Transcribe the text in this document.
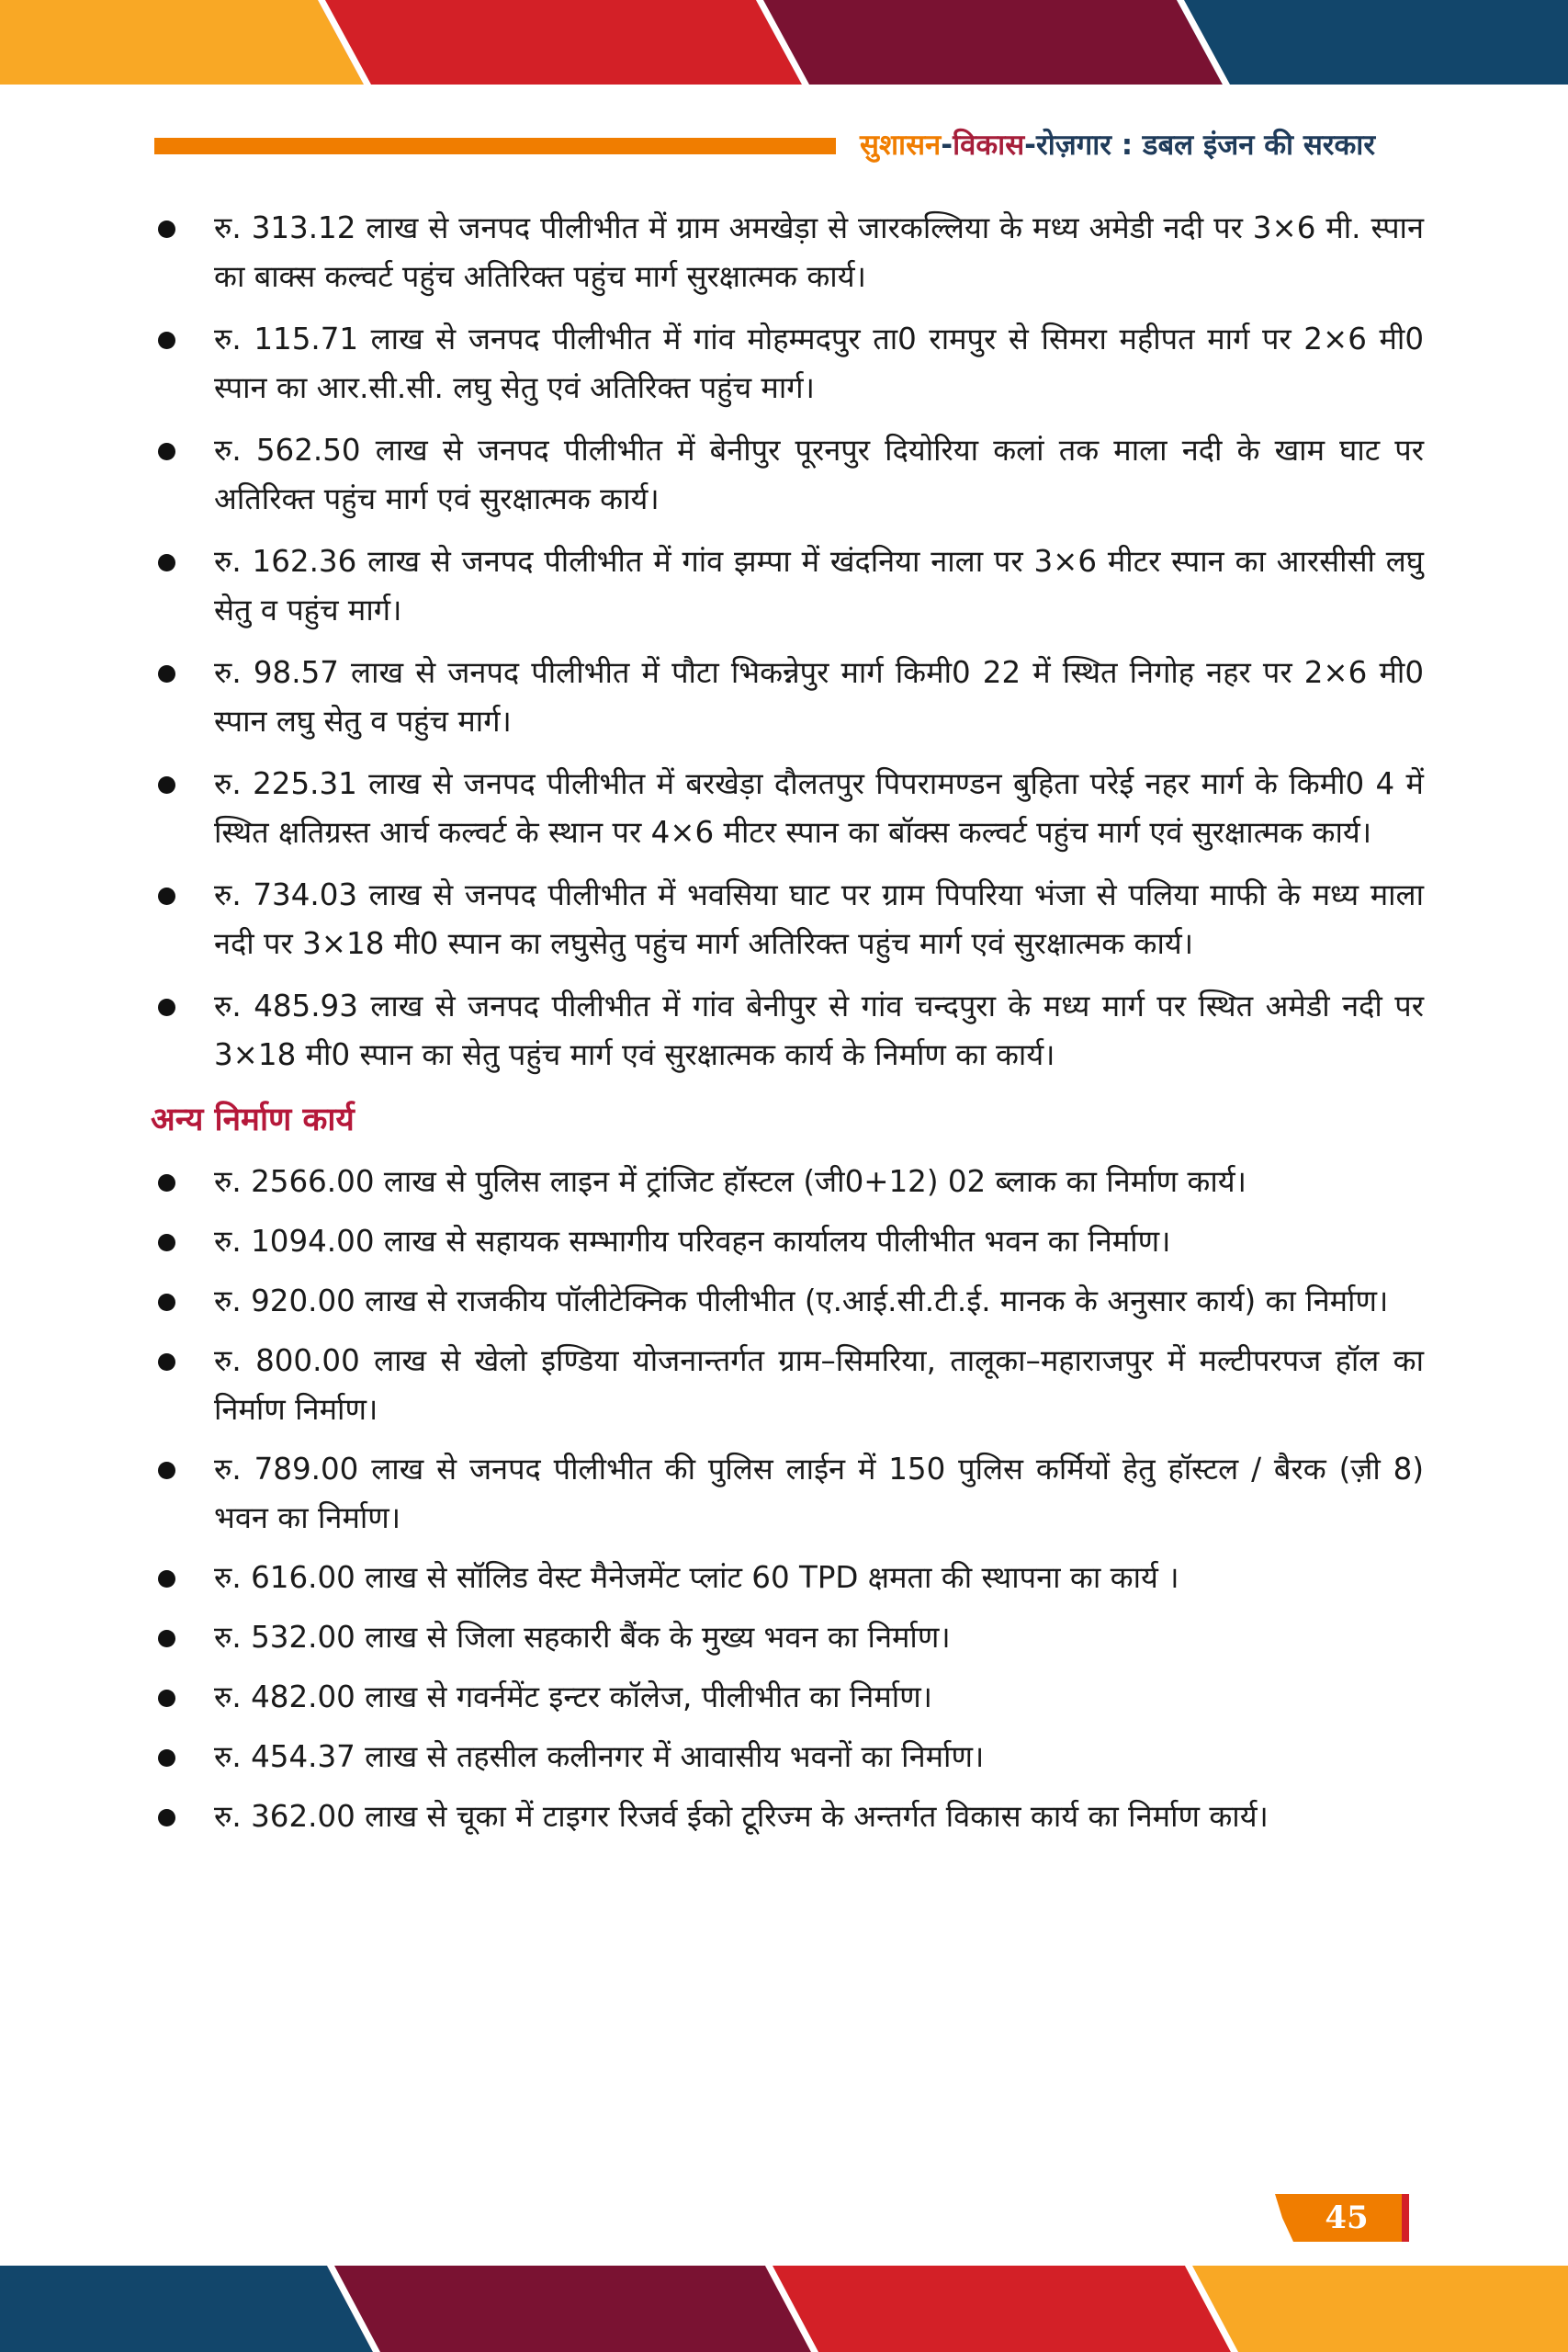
सुशासन-विकास-रोज़गार : डबल इंजन की सरकार
रु. 313.12 लाख से जनपद पीलीभीत में ग्राम अमखेड़ा से जारकल्लिया के मध्य अमेडी नदी पर 3×6 मी. स्पान का बाक्स कल्वर्ट पहुंच अतिरिक्त पहुंच मार्ग सुरक्षात्मक कार्य।
रु. 115.71 लाख से जनपद पीलीभीत में गांव मोहम्मदपुर ता0 रामपुर से सिमरा महीपत मार्ग पर 2×6 मी0 स्पान का आर.सी.सी. लघु सेतु एवं अतिरिक्त पहुंच मार्ग।
रु. 562.50 लाख से जनपद पीलीभीत में बेनीपुर पूरनपुर दियोरिया कलां तक माला नदी के खाम घाट पर अतिरिक्त पहुंच मार्ग एवं सुरक्षात्मक कार्य।
रु. 162.36 लाख से जनपद पीलीभीत में गांव झम्पा में खंदनिया नाला पर 3×6 मीटर स्पान का आरसीसी लघु सेतु व पहुंच मार्ग।
रु. 98.57 लाख से जनपद पीलीभीत में पौटा भिकन्नेपुर मार्ग किमी0 22 में स्थित निगोह नहर पर 2×6 मी0 स्पान लघु सेतु व पहुंच मार्ग।
रु. 225.31 लाख से जनपद पीलीभीत में बरखेड़ा दौलतपुर पिपरामण्डन बुहिता परेई नहर मार्ग के किमी0 4 में स्थित क्षतिग्रस्त आर्च कल्वर्ट के स्थान पर 4×6 मीटर स्पान का बॉक्स कल्वर्ट पहुंच मार्ग एवं सुरक्षात्मक कार्य।
रु. 734.03 लाख से जनपद पीलीभीत में भवसिया घाट पर ग्राम पिपरिया भंजा से पलिया माफी के मध्य माला नदी पर 3×18 मी0 स्पान का लघुसेतु पहुंच मार्ग अतिरिक्त पहुंच मार्ग एवं सुरक्षात्मक कार्य।
रु. 485.93 लाख से जनपद पीलीभीत में गांव बेनीपुर से गांव चन्दपुरा के मध्य मार्ग पर स्थित अमेडी नदी पर 3×18 मी0 स्पान का सेतु पहुंच मार्ग एवं सुरक्षात्मक कार्य के निर्माण का कार्य।
अन्य निर्माण कार्य
रु. 2566.00 लाख से पुलिस लाइन में ट्रांजिट हॉस्टल (जी0+12) 02 ब्लाक का निर्माण कार्य।
रु. 1094.00 लाख से सहायक सम्भागीय परिवहन कार्यालय पीलीभीत भवन का निर्माण।
रु. 920.00 लाख से राजकीय पॉलीटेक्निक पीलीभीत (ए.आई.सी.टी.ई. मानक के अनुसार कार्य) का निर्माण।
रु. 800.00 लाख से खेलो इण्डिया योजनान्तर्गत ग्राम–सिमरिया, तालूका–महाराजपुर में मल्टीपरपज हॉल का निर्माण निर्माण।
रु. 789.00 लाख से जनपद पीलीभीत की पुलिस लाईन में 150 पुलिस कर्मियों हेतु हॉस्टल / बैरक (ज़ी 8) भवन का निर्माण।
रु. 616.00 लाख से सॉलिड वेस्ट मैनेजमेंट प्लांट 60 TPD क्षमता की स्थापना का कार्य ।
रु. 532.00 लाख से जिला सहकारी बैंक के मुख्य भवन का निर्माण।
रु. 482.00 लाख से गवर्नमेंट इन्टर कॉलेज, पीलीभीत का निर्माण।
रु. 454.37 लाख से तहसील कलीनगर में आवासीय भवनों का निर्माण।
रु. 362.00 लाख से चूका में टाइगर रिजर्व ईको टूरिज्म के अन्तर्गत विकास कार्य का निर्माण कार्य।
45
